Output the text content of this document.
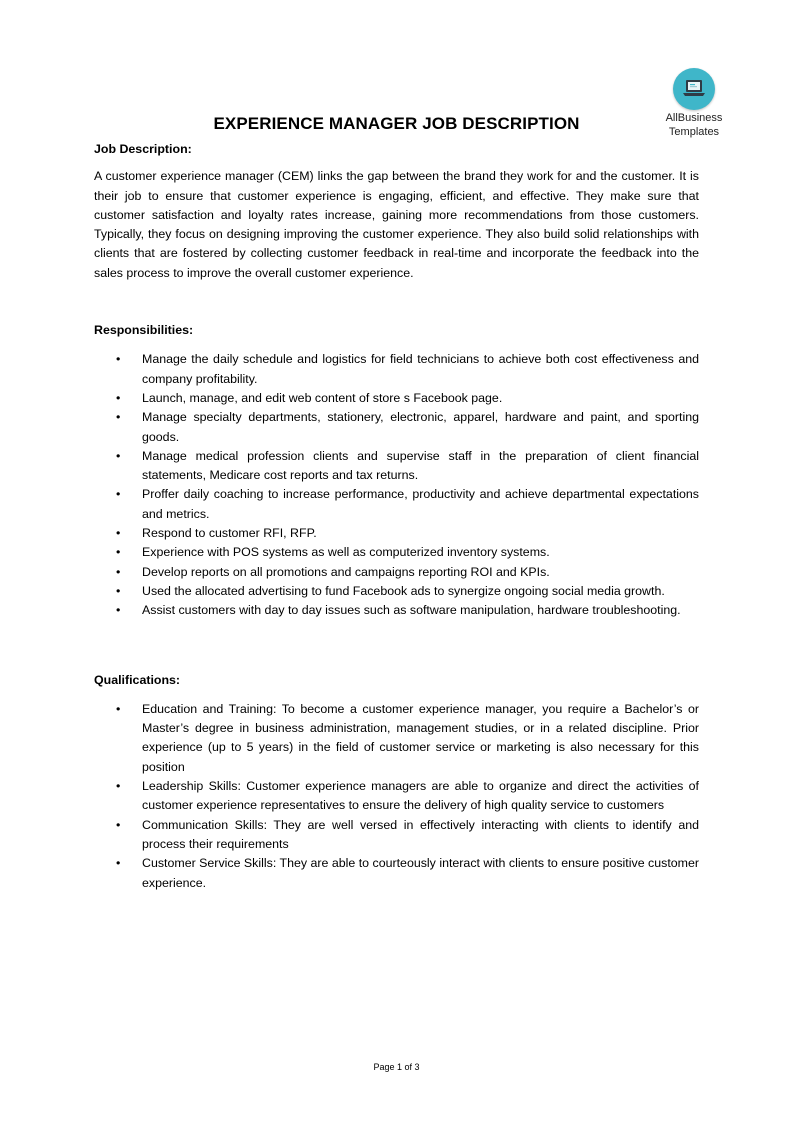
AllBusiness
Templates
EXPERIENCE MANAGER JOB DESCRIPTION

Job Description:

A customer experience manager (CEM) links the gap between the brand they work for and the customer. It is their job to ensure that customer experience is engaging, efficient, and effective. They make sure that customer satisfaction and loyalty rates increase, gaining more recommendations from those customers. Typically, they focus on designing improving the customer experience. They also build solid relationships with clients that are fostered by collecting customer feedback in real-time and incorporate the feedback into the sales process to improve the overall customer experience.

Responsibilities:

• Manage the daily schedule and logistics for field technicians to achieve both cost effectiveness and company profitability.
• Launch, manage, and edit web content of store s Facebook page.
• Manage specialty departments, stationery, electronic, apparel, hardware and paint, and sporting goods.
• Manage medical profession clients and supervise staff in the preparation of client financial statements, Medicare cost reports and tax returns.
• Proffer daily coaching to increase performance, productivity and achieve departmental expectations and metrics.
• Respond to customer RFI, RFP.
• Experience with POS systems as well as computerized inventory systems.
• Develop reports on all promotions and campaigns reporting ROI and KPIs.
• Used the allocated advertising to fund Facebook ads to synergize ongoing social media growth.
• Assist customers with day to day issues such as software manipulation, hardware troubleshooting.

Qualifications:

• Education and Training: To become a customer experience manager, you require a Bachelor’s or Master’s degree in business administration, management studies, or in a related discipline. Prior experience (up to 5 years) in the field of customer service or marketing is also necessary for this position
• Leadership Skills: Customer experience managers are able to organize and direct the activities of customer experience representatives to ensure the delivery of high quality service to customers
• Communication Skills: They are well versed in effectively interacting with clients to identify and process their requirements
• Customer Service Skills: They are able to courteously interact with clients to ensure positive customer experience.
Page 1 of 3
